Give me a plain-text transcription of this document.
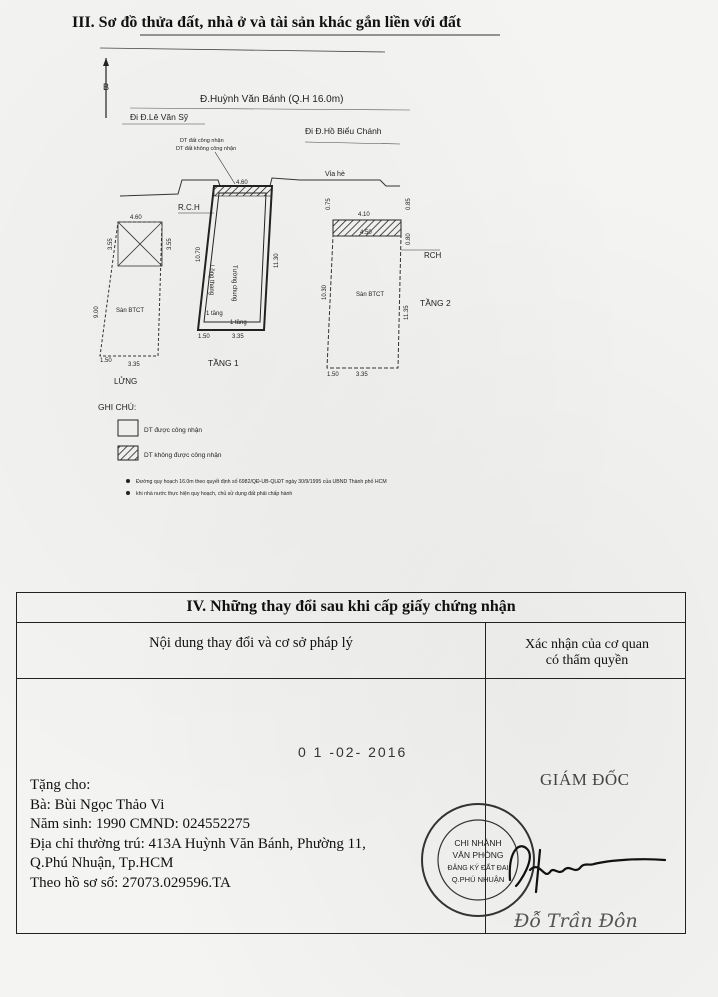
III. Sơ đồ thửa đất, nhà ở và tài sản khác gắn liền với đất
B
Đ.Huỳnh Văn Bánh (Q.H 16.0m)
Đi Đ.Lê Văn Sỹ
Đi Đ.Hồ Biểu Chánh
DT đất công nhận
DT đất không công nhận
Vỉa hè
R.C.H
4.60
Lồng thang	Tường chung
10.70	11.30
1 tầng
1 tầng
1.50	3.35
TẦNG 1
4.60
3.55	3.55
9.00	Sàn BTCT
1.50
3.35
LỬNG
4.10
4.50
0.75	0.85
0.80
10.30
11.35
Sàn BTCT
RCH
TẦNG 2
1.50	3.35
GHI CHÚ:
DT được công nhận
DT không được công nhận
Đường quy hoạch 16.0m theo quyết định số 6982/QĐ-UB-QLĐT ngày 30/9/1995 của UBND Thành phố HCM
khi nhà nước thực hiện quy hoạch, chủ sử dụng đất phải chấp hành
IV. Những thay đổi sau khi cấp giấy chứng nhận
Nội dung thay đổi và cơ sở pháp lý	Xác nhận của cơ quan
có thẩm quyền
0 1 -02- 2016
Tặng cho:
Bà: Bùi Ngọc Thảo Vi
Năm sinh: 1990 CMND: 024552275
Địa chỉ thường trú: 413A Huỳnh Văn Bánh, Phường 11,
Q.Phú Nhuận, Tp.HCM
Theo hồ sơ số: 27073.029596.TA
GIÁM ĐỐC
CHI NHÁNH
VĂN PHÒNG
ĐĂNG KÝ ĐẤT ĐAI
Q.PHÚ NHUẬN
Đỗ Trần Đôn
